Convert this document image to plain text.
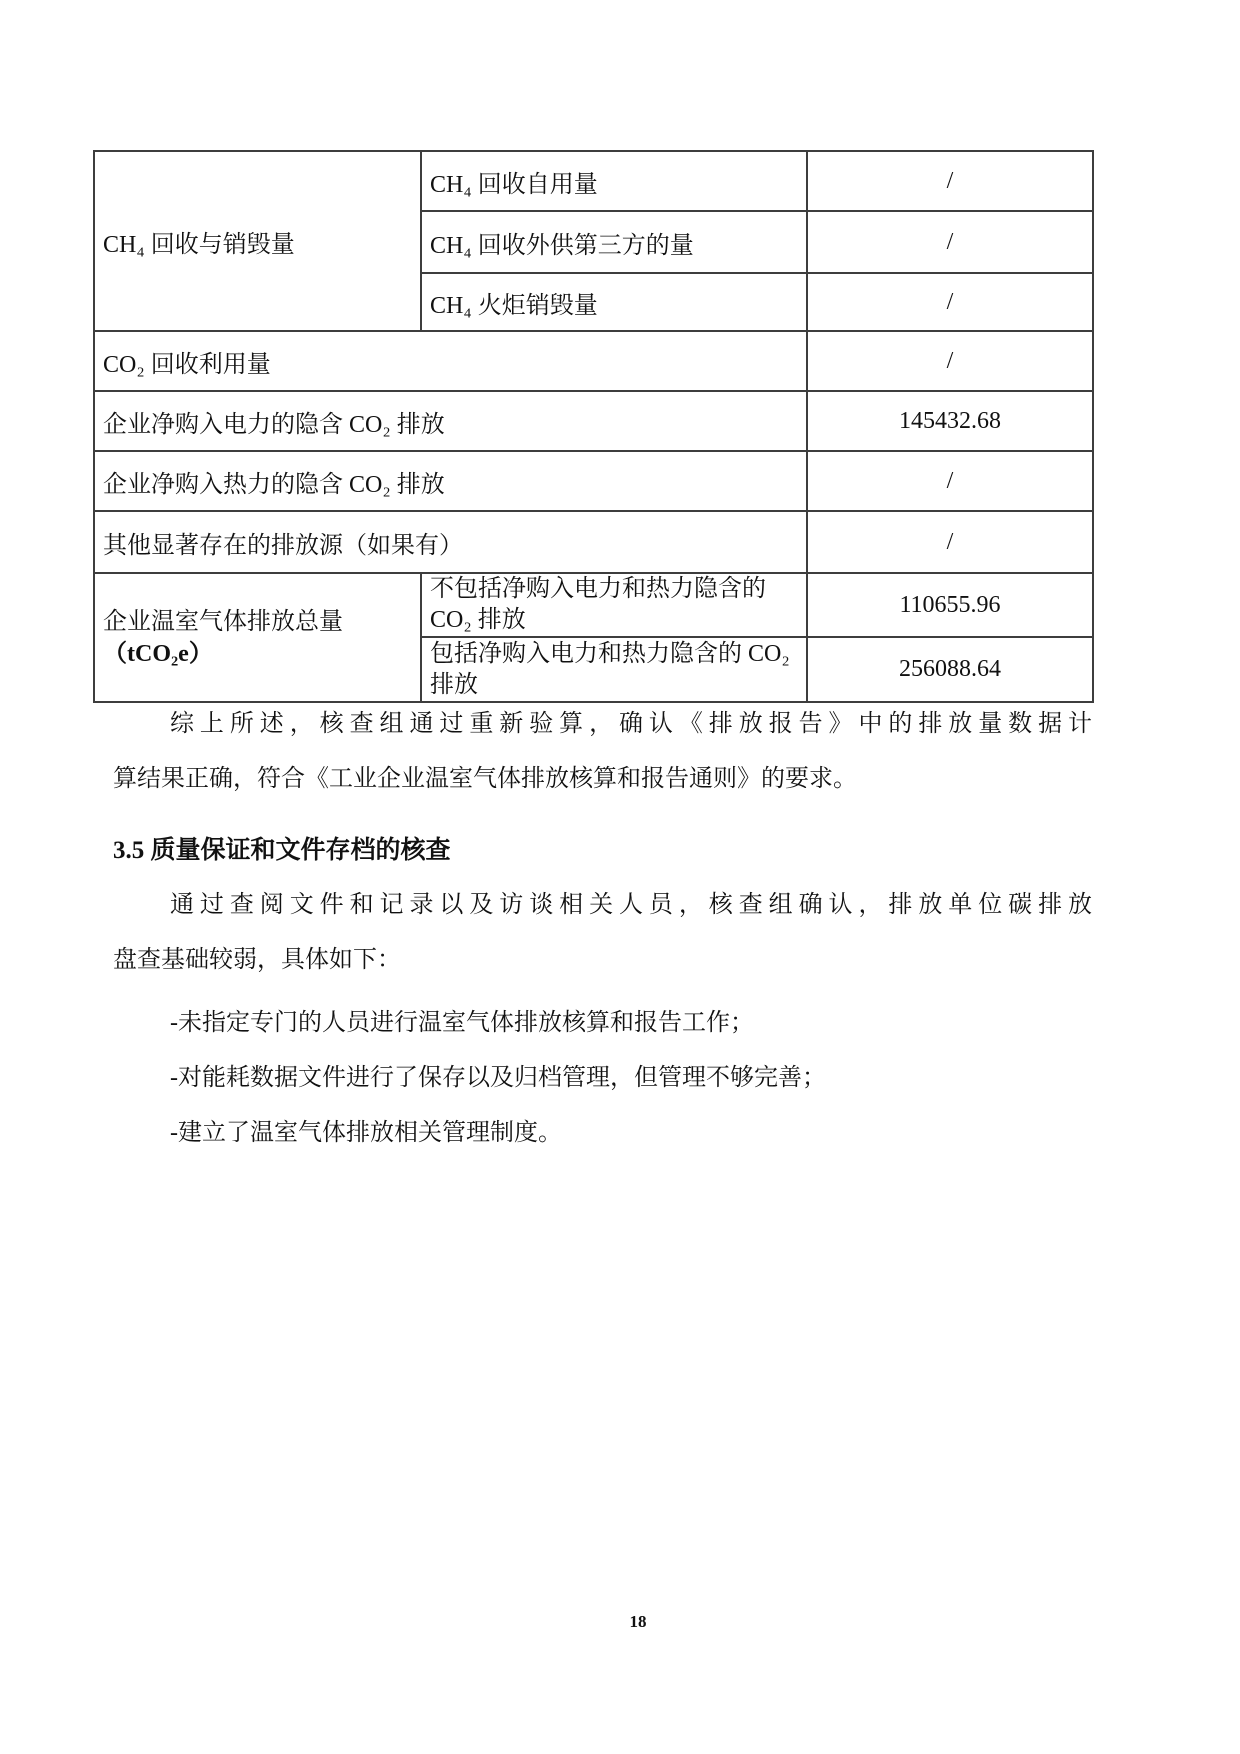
CH₄ 回收与销毁量	CH₄ 回收自用量	/
	CH₄ 回收外供第三方的量	/
	CH₄ 火炬销毁量	/
CO₂ 回收利用量		/
企业净购入电力的隐含 CO₂ 排放		145432.68
企业净购入热力的隐含 CO₂ 排放		/
其他显著存在的排放源（如果有）		/

企业温室气体排放总量
（tCO₂e）	不包括净购入电力和热力隐含的 CO₂ 排放	110655.96
	包括净购入电力和热力隐含的 CO₂ 排放	256088.64

综上所述，核查组通过重新验算，确认《排放报告》中的排放量数据计

算结果正确，符合《工业企业温室气体排放核算和报告通则》的要求。

3.5 质量保证和文件存档的核查

通过查阅文件和记录以及访谈相关人员，核查组确认，排放单位碳排放

盘查基础较弱，具体如下：

-未指定专门的人员进行温室气体排放核算和报告工作；

-对能耗数据文件进行了保存以及归档管理，但管理不够完善；

-建立了温室气体排放相关管理制度。

18
